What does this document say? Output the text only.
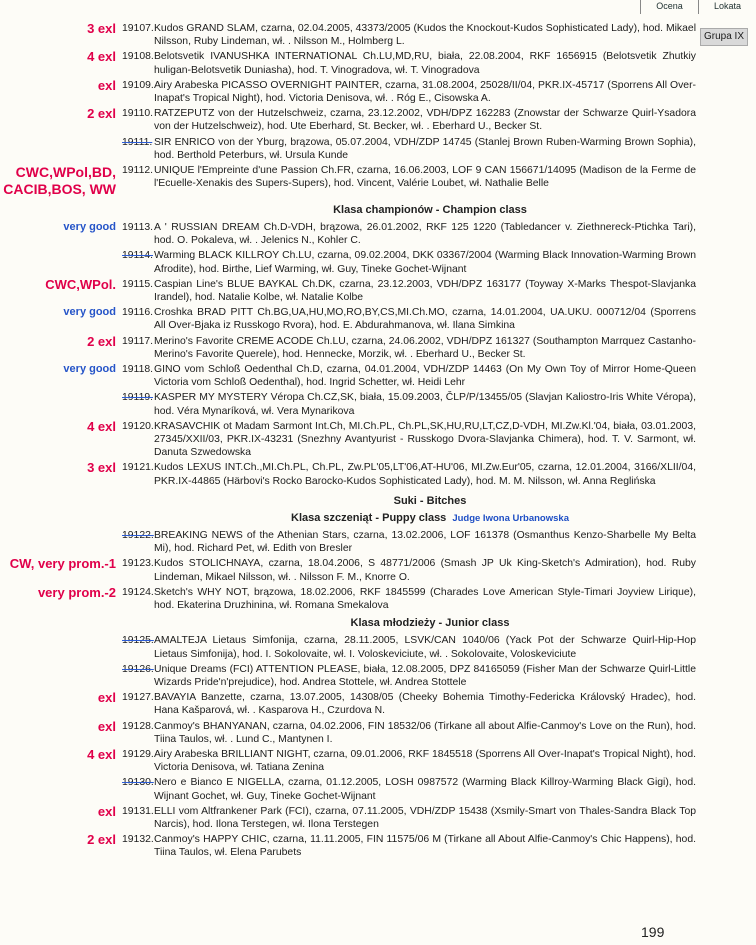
Ocena	Lokata
Grupa IX
3 exl 19107. Kudos GRAND SLAM, czarna, 02.04.2005, 43373/2005 (Kudos the Knockout-Kudos Sophisticated Lady), hod. Mikael Nilsson, Ruby Lindeman, wł. . Nilsson M., Holmberg L.
4 exl 19108. Belotsvetik IVANUSHKA INTERNATIONAL Ch.LU,MD,RU, biała, 22.08.2004, RKF 1656915 (Belotsvetik Zhutkiy huligan-Belotsvetik Duniasha), hod. T. Vinogradova, wł. T. Vinogradova
exl 19109. Airy Arabeska PICASSO OVERNIGHT PAINTER, czarna, 31.08.2004, 25028/II/04, PKR.IX-45717 (Sporrens All Over-Inapat's Tropical Night), hod. Victoria Denisova, wł. . Róg E., Cisowska A.
2 exl 19110. RATZEPUTZ von der Hutzelschweiz, czarna, 23.12.2002, VDH/DPZ 162283 (Znowstar der Schwarze Quirl-Ysadora von der Hutzelschweiz), hod. Ute Eberhard, St. Becker, wł. . Eberhard U., Becker St.
19111. SIR ENRICO von der Yburg, brązowa, 05.07.2004, VDH/ZDP 14745 (Stanlej Brown Ruben-Warming Brown Sophia), hod. Berthold Peterburs, wł. Ursula Kunde
CWC,WPol,BD,
CACIB,BOS, WW
19112. UNIQUE l'Empreinte d'une Passion Ch.FR, czarna, 16.06.2003, LOF 9 CAN 156671/14095 (Madison de la Ferme de l'Ecuelle-Xenakis des Supers-Supers), hod. Vincent, Valérie Loubet, wł. Nathalie Belle
Klasa championów - Champion class
very good 19113. A ' RUSSIAN DREAM Ch.D-VDH, brązowa, 26.01.2002, RKF 125 1220 (Tabledancer v. Ziethnereck-Ptichka Tari), hod. O. Pokaleva, wł. . Jelenics N., Kohler C.
19114. Warming BLACK KILLROY Ch.LU, czarna, 09.02.2004, DKK 03367/2004 (Warming Black Innovation-Warming Brown Afrodite), hod. Birthe, Lief Warming, wł. Guy, Tineke Gochet-Wijnant
CWC,WPol. 19115. Caspian Line's BLUE BAYKAL Ch.DK, czarna, 23.12.2003, VDH/DPZ 163177 (Toyway X-Marks Thespot-Slavjanka Irandel), hod. Natalie Kolbe, wł. Natalie Kolbe
very good 19116. Croshka BRAD PITT Ch.BG,UA,HU,MO,RO,BY,CS,MI.Ch.MO, czarna, 14.01.2004, UA.UKU. 000712/04 (Sporrens All Over-Bjaka iz Russkogo Rvora), hod. E. Abdurahmanova, wł. Ilana Simkina
2 exl 19117. Merino's Favorite CREME ACODE Ch.LU, czarna, 24.06.2002, VDH/DPZ 161327 (Southampton Marrquez Castanho-Merino's Favorite Querele), hod. Hennecke, Morzik, wł. . Eberhard U., Becker St.
very good 19118. GINO vom Schloß Oedenthal Ch.D, czarna, 04.01.2004, VDH/ZDP 14463 (On My Own Toy of Mirror Home-Queen Victoria vom Schloß Oedenthal), hod. Ingrid Schetter, wł. Heidi Lehr
19119. KASPER MY MYSTERY Véropa Ch.CZ,SK, biała, 15.09.2003, ČLP/P/13455/05 (Slavjan Kaliostro-Iris White Véropa), hod. Véra Mynaríková, wł. Vera Mynarikova
4 exl 19120. KRASAVCHIK ot Madam Sarmont Int.Ch, MI.Ch.PL, Ch.PL,SK,HU,RU,LT,CZ,D-VDH, MI.Zw.Kl.'04, biała, 03.01.2003, 27345/XXII/03, PKR.IX-43231 (Snezhny Avantyurist - Russkogo Dvora-Slavjanka Chimera), hod. T. V. Sarmont, wł. Danuta Szwedowska
3 exl 19121. Kudos LEXUS INT.Ch.,MI.Ch.PL, Ch.PL, Zw.PL'05,LT'06,AT-HU'06, MI.Zw.Eur'05, czarna, 12.01.2004, 3166/XLII/04, PKR.IX-44865 (Härbovi's Rocko Barocko-Kudos Sophisticated Lady), hod. M. M. Nilsson, wł. Anna Reglińska
Suki - Bitches
Klasa szczeniąt - Puppy class Judge Iwona Urbanowska
19122. BREAKING NEWS of the Athenian Stars, czarna, 13.02.2006, LOF 161378 (Osmanthus Kenzo-Sharbelle My Belta Mi), hod. Richard Pet, wł. Edith von Bresler
CW, very prom.-1 19123. Kudos STOLICHNAYA, czarna, 18.04.2006, S 48771/2006 (Smash JP Uk King-Sketch's Admiration), hod. Ruby Lindeman, Mikael Nilsson, wł. . Nilsson F. M., Knorre O.
very prom.-2 19124. Sketch's WHY NOT, brązowa, 18.02.2006, RKF 1845599 (Charades Love American Style-Timari Joyview Lirique), hod. Ekaterina Druzhinina, wł. Romana Smekalova
Klasa młodzieży - Junior class
19125. AMALTEJA Lietaus Simfonija, czarna, 28.11.2005, LSVK/CAN 1040/06 (Yack Pot der Schwarze Quirl-Hip-Hop Lietaus Simfonija), hod. I. Sokolovaite, wł. I. Voloskeviciute, wł. . Sokolovaite, Voloskeviciute
19126. Unique Dreams (FCI) ATTENTION PLEASE, biała, 12.08.2005, DPZ 84165059 (Fisher Man der Schwarze Quirl-Little Wizards Pride'n'prejudice), hod. Andrea Stottele, wł. Andrea Stottele
exl 19127. BAVAYIA Banzette, czarna, 13.07.2005, 14308/05 (Cheeky Bohemia Timothy-Federicka Královský Hradec), hod. Hana Kašparová, wł. . Kasparova H., Czurdova N.
exl 19128. Canmoy's BHANYANAN, czarna, 04.02.2006, FIN 18532/06 (Tirkane all about Alfie-Canmoy's Love on the Run), hod. Tiina Taulos, wł. . Lund C., Mantynen I.
4 exl 19129. Airy Arabeska BRILLIANT NIGHT, czarna, 09.01.2006, RKF 1845518 (Sporrens All Over-Inapat's Tropical Night), hod. Victoria Denisova, wł. Tatiana Zenina
19130. Nero e Bianco E NIGELLA, czarna, 01.12.2005, LOSH 0987572 (Warming Black Killroy-Warming Black Gigi), hod. Wijnant Gochet, wł. Guy, Tineke Gochet-Wijnant
exl 19131. ELLI vom Altfrankener Park (FCI), czarna, 07.11.2005, VDH/ZDP 15438 (Xsmily-Smart von Thales-Sandra Black Top Narcis), hod. Ilona Terstegen, wł. Ilona Terstegen
2 exl 19132. Canmoy's HAPPY CHIC, czarna, 11.11.2005, FIN 11575/06 M (Tirkane all About Alfie-Canmoy's Chic Happens), hod. Tiina Taulos, wł. Elena Parubets
199
